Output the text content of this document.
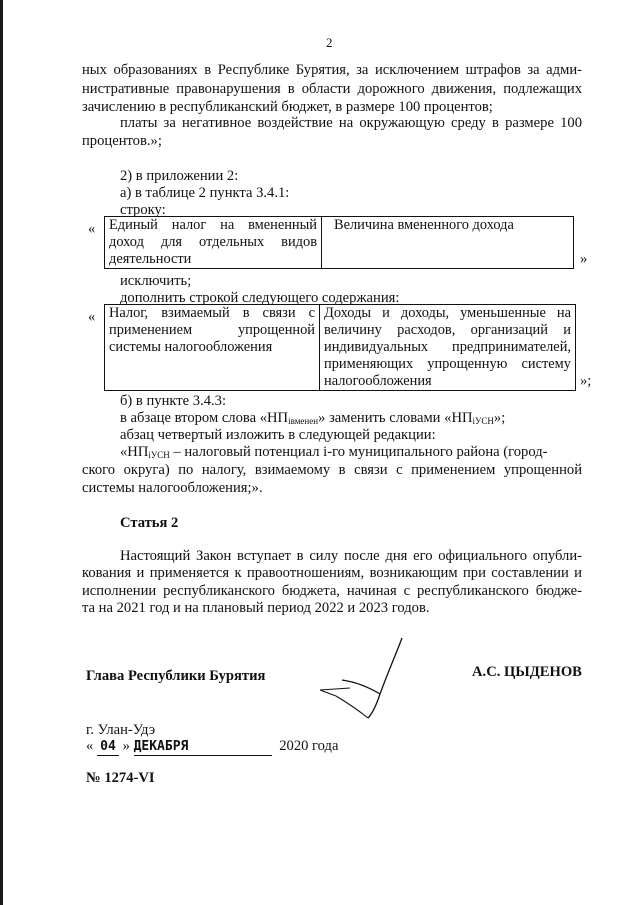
2
ных образованиях в Республике Бурятия, за исключением штрафов за адми-
нистративные правонарушения в области дорожного движения, подлежащих
зачислению в республиканский бюджет, в размере 100 процентов;
платы за негативное воздействие на окружающую среду в размере 100
процентов.»;
2) в приложении 2:
а) в таблице 2 пункта 3.4.1:
строку:
« Единый налог на вмененный
доход для отдельных видов
деятельности

Величина вмененного дохода
»
исключить;
дополнить строкой следующего содержания:
« Налог, взимаемый в связи с
применением упрощенной
системы налогообложения

Доходы и доходы, уменьшенные на
величину расходов, организаций и
индивидуальных предпринимателей,
применяющих упрощенную систему
налогообложения	»;
б) в пункте 3.4.3:
в абзаце втором слова «$НП_{iвменен}$» заменить словами «$НП_{iУСН}$»;
абзац четвертый изложить в следующей редакции:
«$НП_{iУСН}$ – налоговый потенциал i-го муниципального района (город-
ского округа) по налогу, взимаемому в связи с применением упрощенной
системы налогообложения;».
Статья 2
Настоящий Закон вступает в силу после дня его официального опубли-
кования и применяется к правоотношениям, возникающим при составлении и
исполнении республиканского бюджета, начиная с республиканского бюдже-
та на 2021 год и на плановый период 2022 и 2023 годов.
Глава Республики Бурятия	А.С. ЦЫДЕНОВ
г. Улан-Удэ
« 04 » ДЕКАБРЯ	2020 года
№ 1274-VI
